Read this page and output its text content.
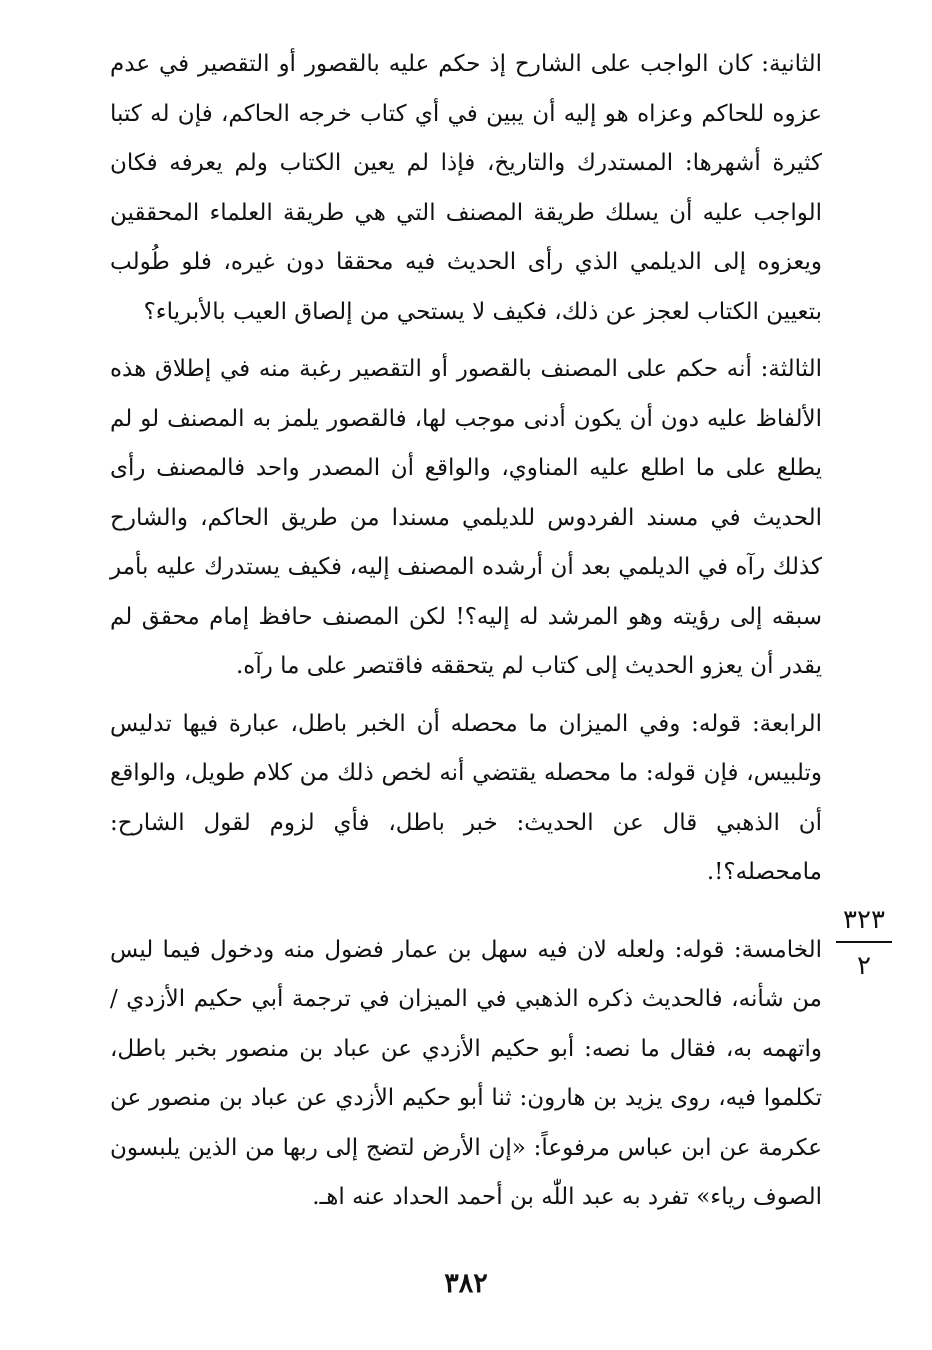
الثانية: كان الواجب على الشارح إذ حكم عليه بالقصور أو التقصير في عدم عزوه للحاكم وعزاه هو إليه أن يبين في أي كتاب خرجه الحاكم، فإن له كتبا كثيرة أشهرها: المستدرك والتاريخ، فإذا لم يعين الكتاب ولم يعرفه فكان الواجب عليه أن يسلك طريقة المصنف التي هي طريقة العلماء المحققين ويعزوه إلى الديلمي الذي رأى الحديث فيه محققا دون غيره، فلو طُولب بتعيين الكتاب لعجز عن ذلك، فكيف لا يستحي من إلصاق العيب بالأبرياء؟

الثالثة: أنه حكم على المصنف بالقصور أو التقصير رغبة منه في إطلاق هذه الألفاظ عليه دون أن يكون أدنى موجب لها، فالقصور يلمز به المصنف لو لم يطلع على ما اطلع عليه المناوي، والواقع أن المصدر واحد فالمصنف رأى الحديث في مسند الفردوس للديلمي مسندا من طريق الحاكم، والشارح كذلك رآه في الديلمي بعد أن أرشده المصنف إليه، فكيف يستدرك عليه بأمر سبقه إلى رؤيته وهو المرشد له إليه؟! لكن المصنف حافظ إمام محقق لم يقدر أن يعزو الحديث إلى كتاب لم يتحققه فاقتصر على ما رآه.

الرابعة: قوله: وفي الميزان ما محصله أن الخبر باطل، عبارة فيها تدليس وتلبيس، فإن قوله: ما محصله يقتضي أنه لخص ذلك من كلام طويل، والواقع أن الذهبي قال عن الحديث: خبر باطل، فأي لزوم لقول الشارح: مامحصله؟!.

الخامسة: قوله: ولعله لان فيه سهل بن عمار فضول منه ودخول فيما ليس من شأنه، فالحديث ذكره الذهبي في الميزان في ترجمة أبي حكيم الأزدي / واتهمه به، فقال ما نصه: أبو حكيم الأزدي عن عباد بن منصور بخبر باطل، تكلموا فيه، روى يزيد بن هارون: ثنا أبو حكيم الأزدي عن عباد بن منصور عن عكرمة عن ابن عباس مرفوعاً: «إن الأرض لتضج إلى ربها من الذين يلبسون الصوف رياء» تفرد به عبد اللّٰه بن أحمد الحداد عنه اهـ.

٣٢٣
٢
٣٨٢
